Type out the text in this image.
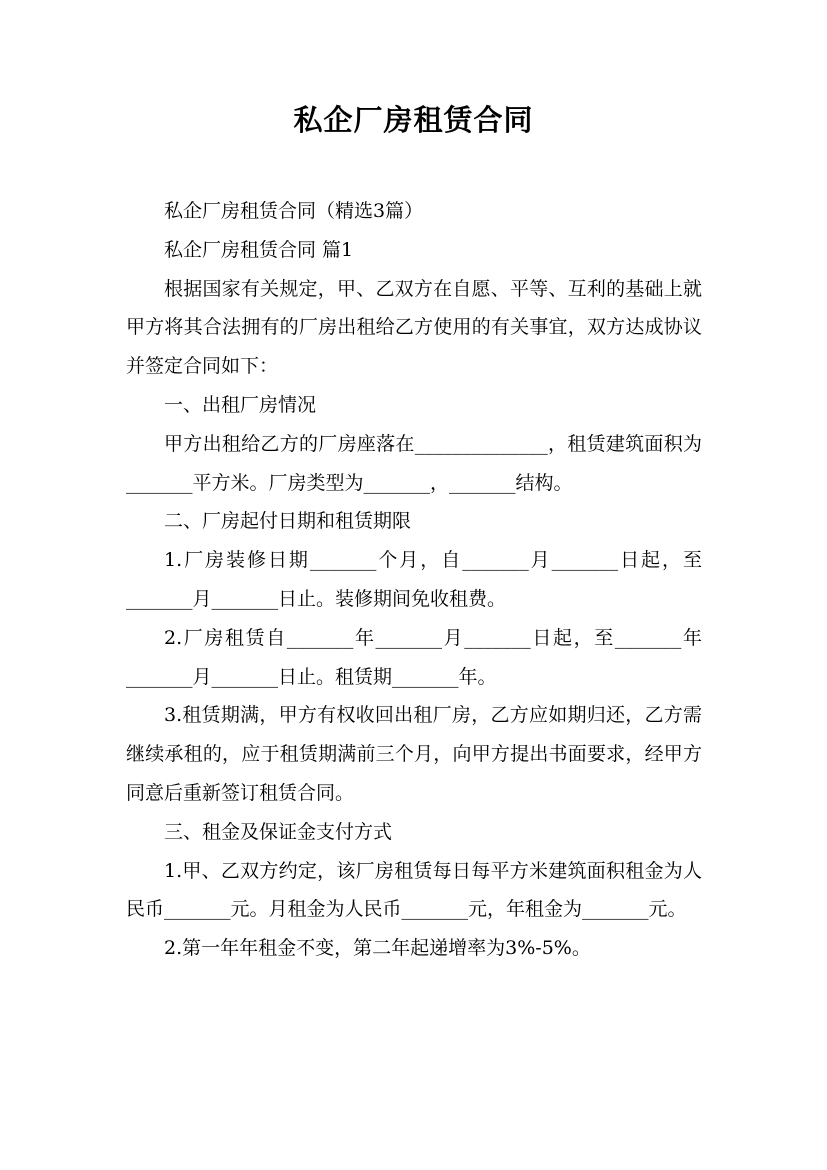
私企厂房租赁合同

私企厂房租赁合同（精选3篇）

私企厂房租赁合同 篇1

根据国家有关规定，甲、乙双方在自愿、平等、互利的基础上就甲方将其合法拥有的厂房出租给乙方使用的有关事宜，双方达成协议并签定合同如下：

一、出租厂房情况

甲方出租给乙方的厂房座落在______________，租赁建筑面积为_______平方米。厂房类型为_______，_______结构。

二、厂房起付日期和租赁期限

1.厂房装修日期_______个月，自_______月_______日起，至_______月_______日止。装修期间免收租费。

2.厂房租赁自_______年_______月_______日起，至_______年_______月_______日止。租赁期_______年。

3.租赁期满，甲方有权收回出租厂房，乙方应如期归还，乙方需继续承租的，应于租赁期满前三个月，向甲方提出书面要求，经甲方同意后重新签订租赁合同。

三、租金及保证金支付方式

1.甲、乙双方约定，该厂房租赁每日每平方米建筑面积租金为人民币_______元。月租金为人民币_______元，年租金为_______元。

2.第一年年租金不变，第二年起递增率为3%-5%。
